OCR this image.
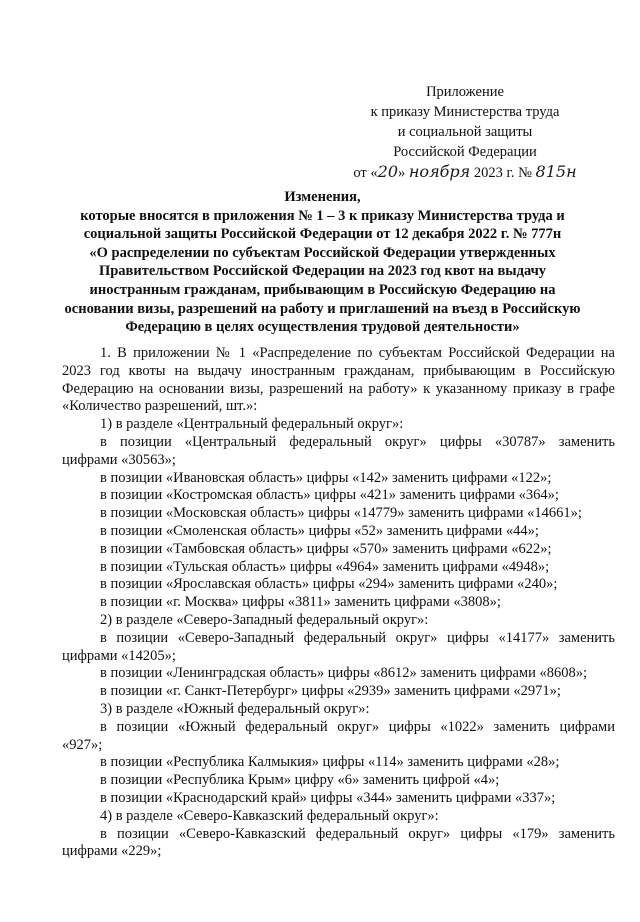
Приложение
к приказу Министерства труда
и социальной защиты
Российской Федерации
от «20» ноября 2023 г. № 815н
Изменения,
которые вносятся в приложения № 1 – 3 к приказу Министерства труда и
социальной защиты Российской Федерации от 12 декабря 2022 г. № 777н
«О распределении по субъектам Российской Федерации утвержденных
Правительством Российской Федерации на 2023 год квот на выдачу
иностранным гражданам, прибывающим в Российскую Федерацию на
основании визы, разрешений на работу и приглашений на въезд в Российскую
Федерацию в целях осуществления трудовой деятельности»

1. В приложении № 1 «Распределение по субъектам Российской Федерации на

2023 год квоты на выдачу иностранным гражданам, прибывающим в Российскую

Федерацию на основании визы, разрешений на работу» к указанному приказу в графе

«Количество разрешений, шт.»:

1) в разделе «Центральный федеральный округ»:

в позиции «Центральный федеральный округ» цифры «30787» заменить

цифрами «30563»;

в позиции «Ивановская область» цифры «142» заменить цифрами «122»;

в позиции «Костромская область» цифры «421» заменить цифрами «364»;

в позиции «Московская область» цифры «14779» заменить цифрами «14661»;

в позиции «Смоленская область» цифры «52» заменить цифрами «44»;

в позиции «Тамбовская область» цифры «570» заменить цифрами «622»;

в позиции «Тульская область» цифры «4964» заменить цифрами «4948»;

в позиции «Ярославская область» цифры «294» заменить цифрами «240»;

в позиции «г. Москва» цифры «3811» заменить цифрами «3808»;

2) в разделе «Северо-Западный федеральный округ»:

в позиции «Северо-Западный федеральный округ» цифры «14177» заменить

цифрами «14205»;

в позиции «Ленинградская область» цифры «8612» заменить цифрами «8608»;

в позиции «г. Санкт-Петербург» цифры «2939» заменить цифрами «2971»;

3) в разделе «Южный федеральный округ»:

в позиции «Южный федеральный округ» цифры «1022» заменить цифрами

«927»;

в позиции «Республика Калмыкия» цифры «114» заменить цифрами «28»;

в позиции «Республика Крым» цифру «6» заменить цифрой «4»;

в позиции «Краснодарский край» цифры «344» заменить цифрами «337»;

4) в разделе «Северо-Кавказский федеральный округ»:

в позиции «Северо-Кавказский федеральный округ» цифры «179» заменить

цифрами «229»;
